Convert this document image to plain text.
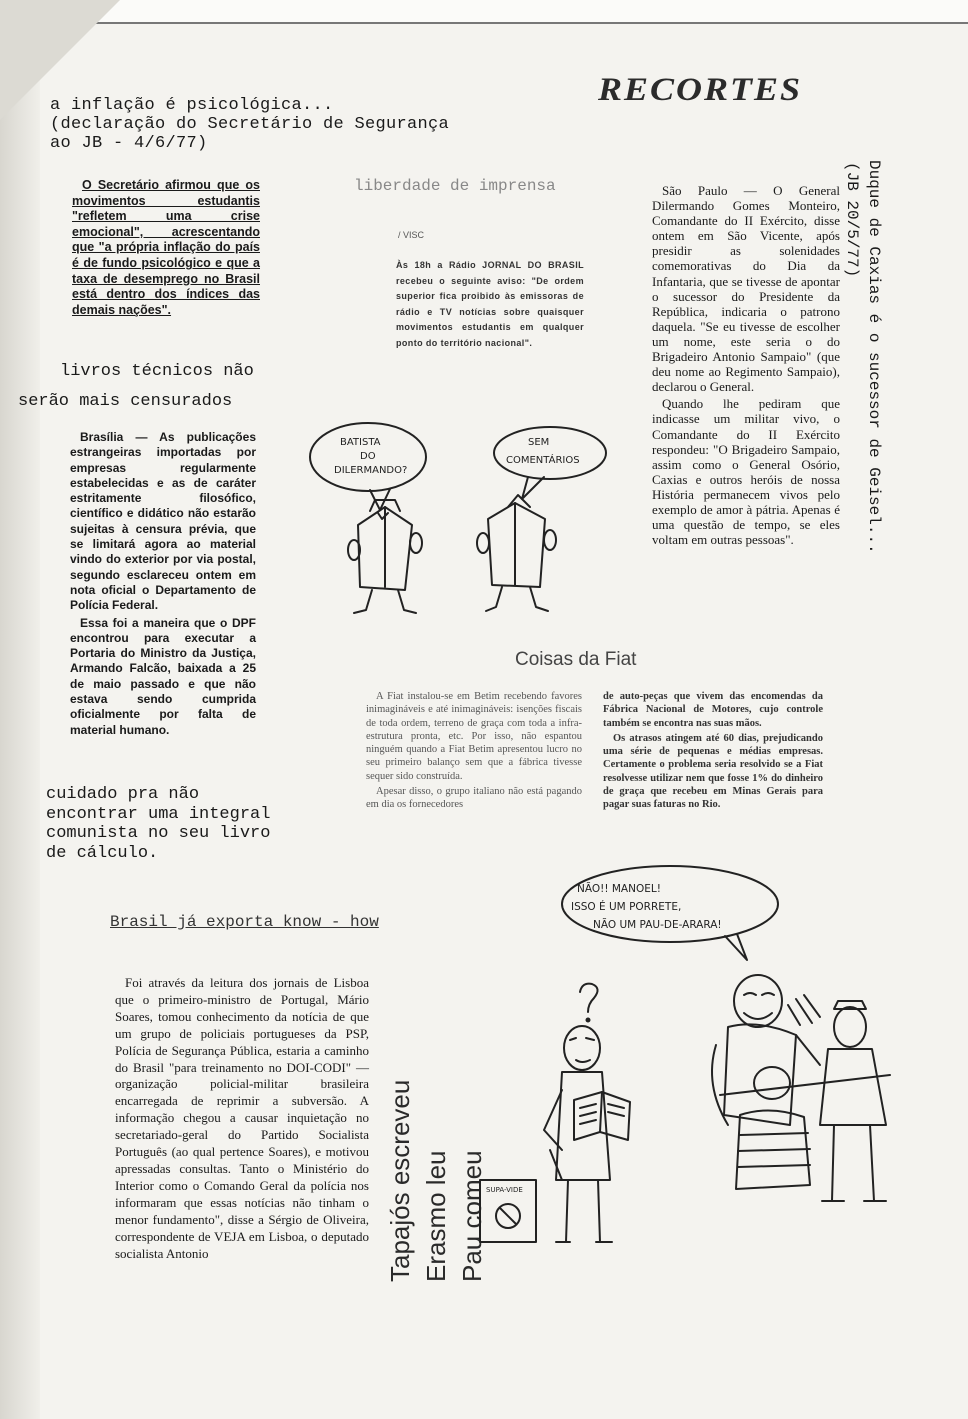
RECORTES
a inflação é psicológica...
(declaração do Secretário de Segurança
ao JB - 4/6/77)

O Secretário afirmou que os movimentos estudantis "refletem uma crise emocional", acrescentando que "a própria inflação do país é de fundo psicológico e que a taxa de desemprego no Brasil está dentro dos índices das demais nações".

liberdade de imprensa
/ VISC
Às 18h a Rádio JORNAL DO BRASIL recebeu o seguinte aviso: "De ordem superior fica proibido às emissoras de rádio e TV notícias sobre quaisquer movimentos estudantis em qualquer ponto do território nacional".
BATISTA
DO
DILERMANDO?
SEM
COMENTÁRIOS

São Paulo — O General Dilermando Gomes Monteiro, Comandante do II Exército, disse ontem em São Vicente, após presidir as solenidades comemorativas do Dia da Infantaria, que se tivesse de apontar o sucessor do Presidente da República, indicaria o patrono daquela. "Se eu tivesse de escolher um nome, este seria o do Brigadeiro Antonio Sampaio" (que deu nome ao Regimento Sampaio), declarou o General.

Quando lhe pediram que indicasse um militar vivo, o Comandante do II Exército respondeu: "O Brigadeiro Sampaio, assim como o General Osório, Caxias e outros heróis de nossa História permanecem vivos pelo exemplo de amor à pátria. Apenas é uma questão de tempo, se eles voltam em outras pessoas".	Duque de Caxias é o sucessor de Geisel...
(JB 20/5/77)
livros técnicos não
serão mais censurados

Brasília — As publicações estrangeiras importadas por empresas regularmente estabelecidas e as de caráter estritamente filosófico, científico e didático não estarão sujeitas à censura prévia, que se limitará agora ao material vindo do exterior por via postal, segundo esclareceu ontem em nota oficial o Departamento de Polícia Federal.

Essa foi a maneira que o DPF encontrou para executar a Portaria do Ministro da Justiça, Armando Falcão, baixada a 25 de maio passado e que não estava sendo cumprida oficialmente por falta de material humano.

cuidado pra não
encontrar uma integral
comunista no seu livro
de cálculo.
Coisas da Fiat

A Fiat instalou-se em Betim recebendo favores inimagináveis e até inimagináveis: isenções fiscais de toda ordem, terreno de graça com toda a infra-estrutura pronta, etc. Por isso, não espantou ninguém quando a Fiat Betim apresentou lucro no seu primeiro balanço sem que a fábrica tivesse sequer sido construída.

Apesar disso, o grupo italiano não está pagando em dia os fornecedores

de auto-peças que vivem das encomendas da Fábrica Nacional de Motores, cujo controle também se encontra nas suas mãos.

Os atrasos atingem até 60 dias, prejudicando uma série de pequenas e médias empresas. Certamente o problema seria resolvido se a Fiat resolvesse utilizar nem que fosse 1% do dinheiro de graça que recebeu em Minas Gerais para pagar suas faturas no Rio.

Brasil já exporta know - how

Foi através da leitura dos jornais de Lisboa que o primeiro-ministro de Portugal, Mário Soares, tomou conhecimento da notícia de que um grupo de policiais portugueses da PSP, Polícia de Segurança Pública, estaria a caminho do Brasil "para treinamento no DOI-CODI" — organização policial-militar brasileira encarregada de reprimir a subversão. A informação chegou a causar inquietação no secretariado-geral do Partido Socialista Português (ao qual pertence Soares), e motivou apressadas consultas. Tanto o Ministério do Interior como o Comando Geral da polícia nos informaram que essas notícias não tinham o menor fundamento", disse a Sérgio de Oliveira, correspondente de VEJA em Lisboa, o deputado socialista Antonio	Tapajós escreveu Erasmo leu Pau comeu
NÃO!! MANOEL!
ISSO É UM PORRETE,
NÃO UM PAU-DE-ARARA!
SUPA-VIDE
